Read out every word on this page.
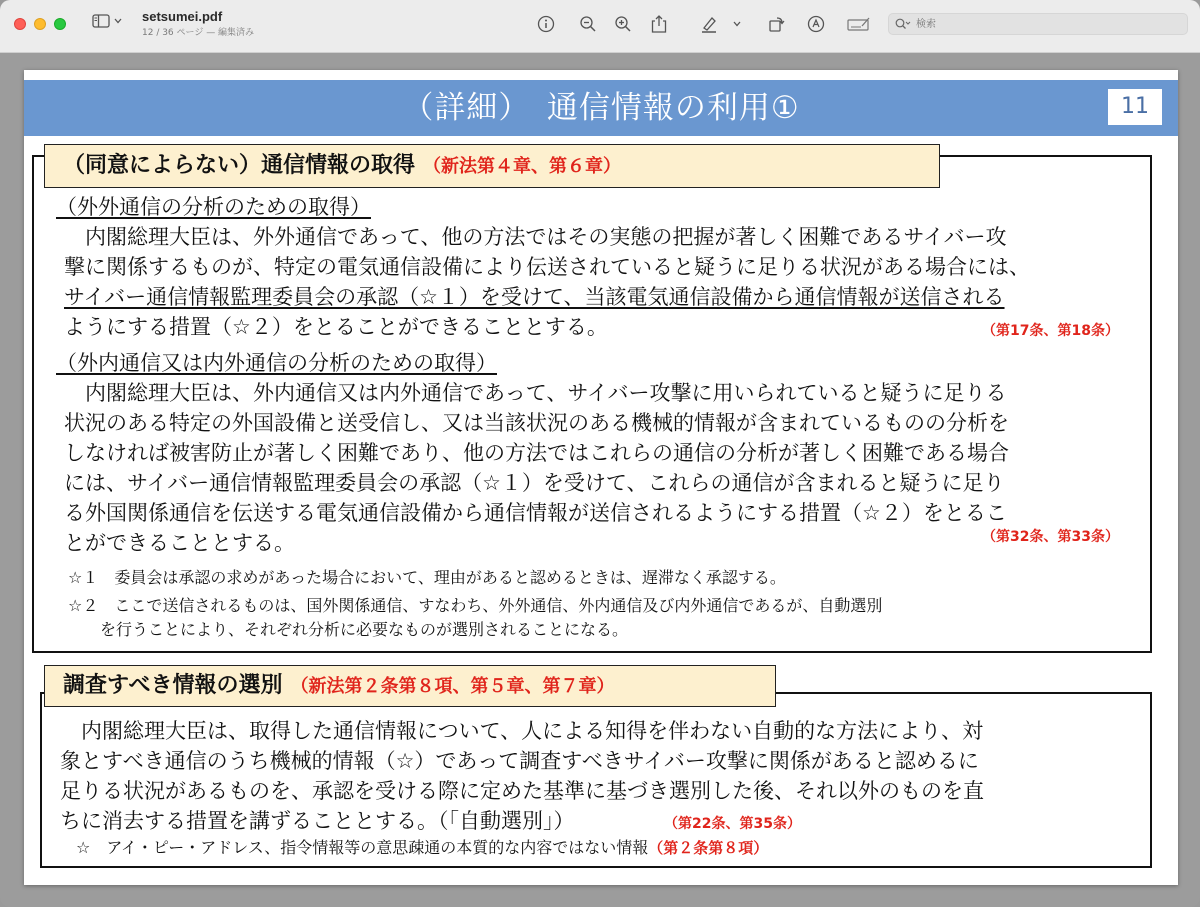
setsumei.pdf
12 / 36 ページ — 編集済み
検索
（詳細）　通信情報の利用①	11
（同意によらない）通信情報の取得 （新法第４章、第６章）
（外外通信の分析のための取得）
　内閣総理大臣は、外外通信であって、他の方法ではその実態の把握が著しく困難であるサイバー攻
撃に関係するものが、特定の電気通信設備により伝送されていると疑うに足りる状況がある場合には、
サイバー通信情報監理委員会の承認（☆１）を受けて、当該電気通信設備から通信情報が送信される
ようにする措置（☆２）をとることができることとする。	（第17条、第18条）
（外内通信又は内外通信の分析のための取得）
　内閣総理大臣は、外内通信又は内外通信であって、サイバー攻撃に用いられていると疑うに足りる
状況のある特定の外国設備と送受信し、又は当該状況のある機械的情報が含まれているものの分析を
しなければ被害防止が著しく困難であり、他の方法ではこれらの通信の分析が著しく困難である場合
には、サイバー通信情報監理委員会の承認（☆１）を受けて、これらの通信が含まれると疑うに足り
る外国関係通信を伝送する電気通信設備から通信情報が送信されるようにする措置（☆２）をとるこ
とができることとする。	（第32条、第33条）
☆１　委員会は承認の求めがあった場合において、理由があると認めるときは、遅滞なく承認する。
☆２　ここで送信されるものは、国外関係通信、すなわち、外外通信、外内通信及び内外通信であるが、自動選別
　　を行うことにより、それぞれ分析に必要なものが選別されることになる。
調査すべき情報の選別 （新法第２条第８項、第５章、第７章）
　内閣総理大臣は、取得した通信情報について、人による知得を伴わない自動的な方法により、対
象とすべき通信のうち機械的情報（☆）であって調査すべきサイバー攻撃に関係があると認めるに
足りる状況があるものを、承認を受ける際に定めた基準に基づき選別した後、それ以外のものを直
ちに消去する措置を講ずることとする。（「自動選別」）	（第22条、第35条）
☆　アイ・ピー・アドレス、指令情報等の意思疎通の本質的な内容ではない情報（第２条第８項）
